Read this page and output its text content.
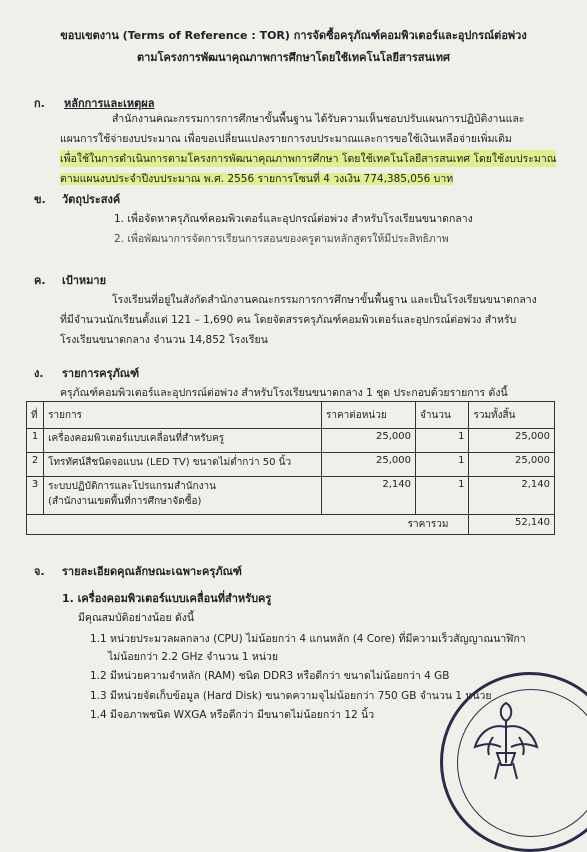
ขอบเขตงาน (Terms of Reference : TOR) การจัดซื้อครุภัณฑ์คอมพิวเตอร์และอุปกรณ์ต่อพ่วง
ตามโครงการพัฒนาคุณภาพการศึกษาโดยใช้เทคโนโลยีสารสนเทศ
ก. หลักการและเหตุผล
สำนักงานคณะกรรมการการศึกษาขั้นพื้นฐาน ได้รับความเห็นชอบปรับแผนการปฏิบัติงานและ
แผนการใช้จ่ายงบประมาณ เพื่อขอเปลี่ยนแปลงรายการงบประมาณและการขอใช้เงินเหลือจ่ายเพิ่มเติม
เพื่อใช้ในการดำเนินการตามโครงการพัฒนาคุณภาพการศึกษา โดยใช้เทคโนโลยีสารสนเทศ โดยใช้งบประมาณ
ตามแผนงบประจำปีงบประมาณ พ.ศ. 2556 รายการโซนที่ 4 วงเงิน 774,385,056 บาท
ข. วัตถุประสงค์
1. เพื่อจัดหาครุภัณฑ์คอมพิวเตอร์และอุปกรณ์ต่อพ่วง สำหรับโรงเรียนขนาดกลาง
2. เพื่อพัฒนาการจัดการเรียนการสอนของครูตามหลักสูตรให้มีประสิทธิภาพ
ค. เป้าหมาย
โรงเรียนที่อยู่ในสังกัดสำนักงานคณะกรรมการการศึกษาขั้นพื้นฐาน และเป็นโรงเรียนขนาดกลาง
ที่มีจำนวนนักเรียนตั้งแต่ 121 – 1,690 คน โดยจัดสรรครุภัณฑ์คอมพิวเตอร์และอุปกรณ์ต่อพ่วง สำหรับ
โรงเรียนขนาดกลาง จำนวน 14,852 โรงเรียน
ง. รายการครุภัณฑ์
ครุภัณฑ์คอมพิวเตอร์และอุปกรณ์ต่อพ่วง สำหรับโรงเรียนขนาดกลาง 1 ชุด ประกอบด้วยรายการ ดังนี้
ที่	รายการ	ราคาต่อหน่วย	จำนวน	รวมทั้งสิ้น
1	เครื่องคอมพิวเตอร์แบบเคลื่อนที่สำหรับครู	25,000	1	25,000
2	โทรทัศน์สีชนิดจอแบน (LED TV) ขนาดไม่ต่ำกว่า 50 นิ้ว	25,000	1	25,000
3	ระบบปฏิบัติการและโปรแกรมสำนักงาน
(สำนักงานเขตพื้นที่การศึกษาจัดซื้อ)	2,140	1	2,140
ราคารวม				52,140
จ. รายละเอียดคุณลักษณะเฉพาะครุภัณฑ์
1. เครื่องคอมพิวเตอร์แบบเคลื่อนที่สำหรับครู
มีคุณสมบัติอย่างน้อย ดังนี้
1.1 หน่วยประมวลผลกลาง (CPU) ไม่น้อยกว่า 4 แกนหลัก (4 Core) ที่มีความเร็วสัญญาณนาฬิกา
ไม่น้อยกว่า 2.2 GHz จำนวน 1 หน่วย
1.2 มีหน่วยความจำหลัก (RAM) ชนิด DDR3 หรือดีกว่า ขนาดไม่น้อยกว่า 4 GB
1.3 มีหน่วยจัดเก็บข้อมูล (Hard Disk) ขนาดความจุไม่น้อยกว่า 750 GB จำนวน 1 หน่วย
1.4 มีจอภาพชนิด WXGA หรือดีกว่า มีขนาดไม่น้อยกว่า 12 นิ้ว
